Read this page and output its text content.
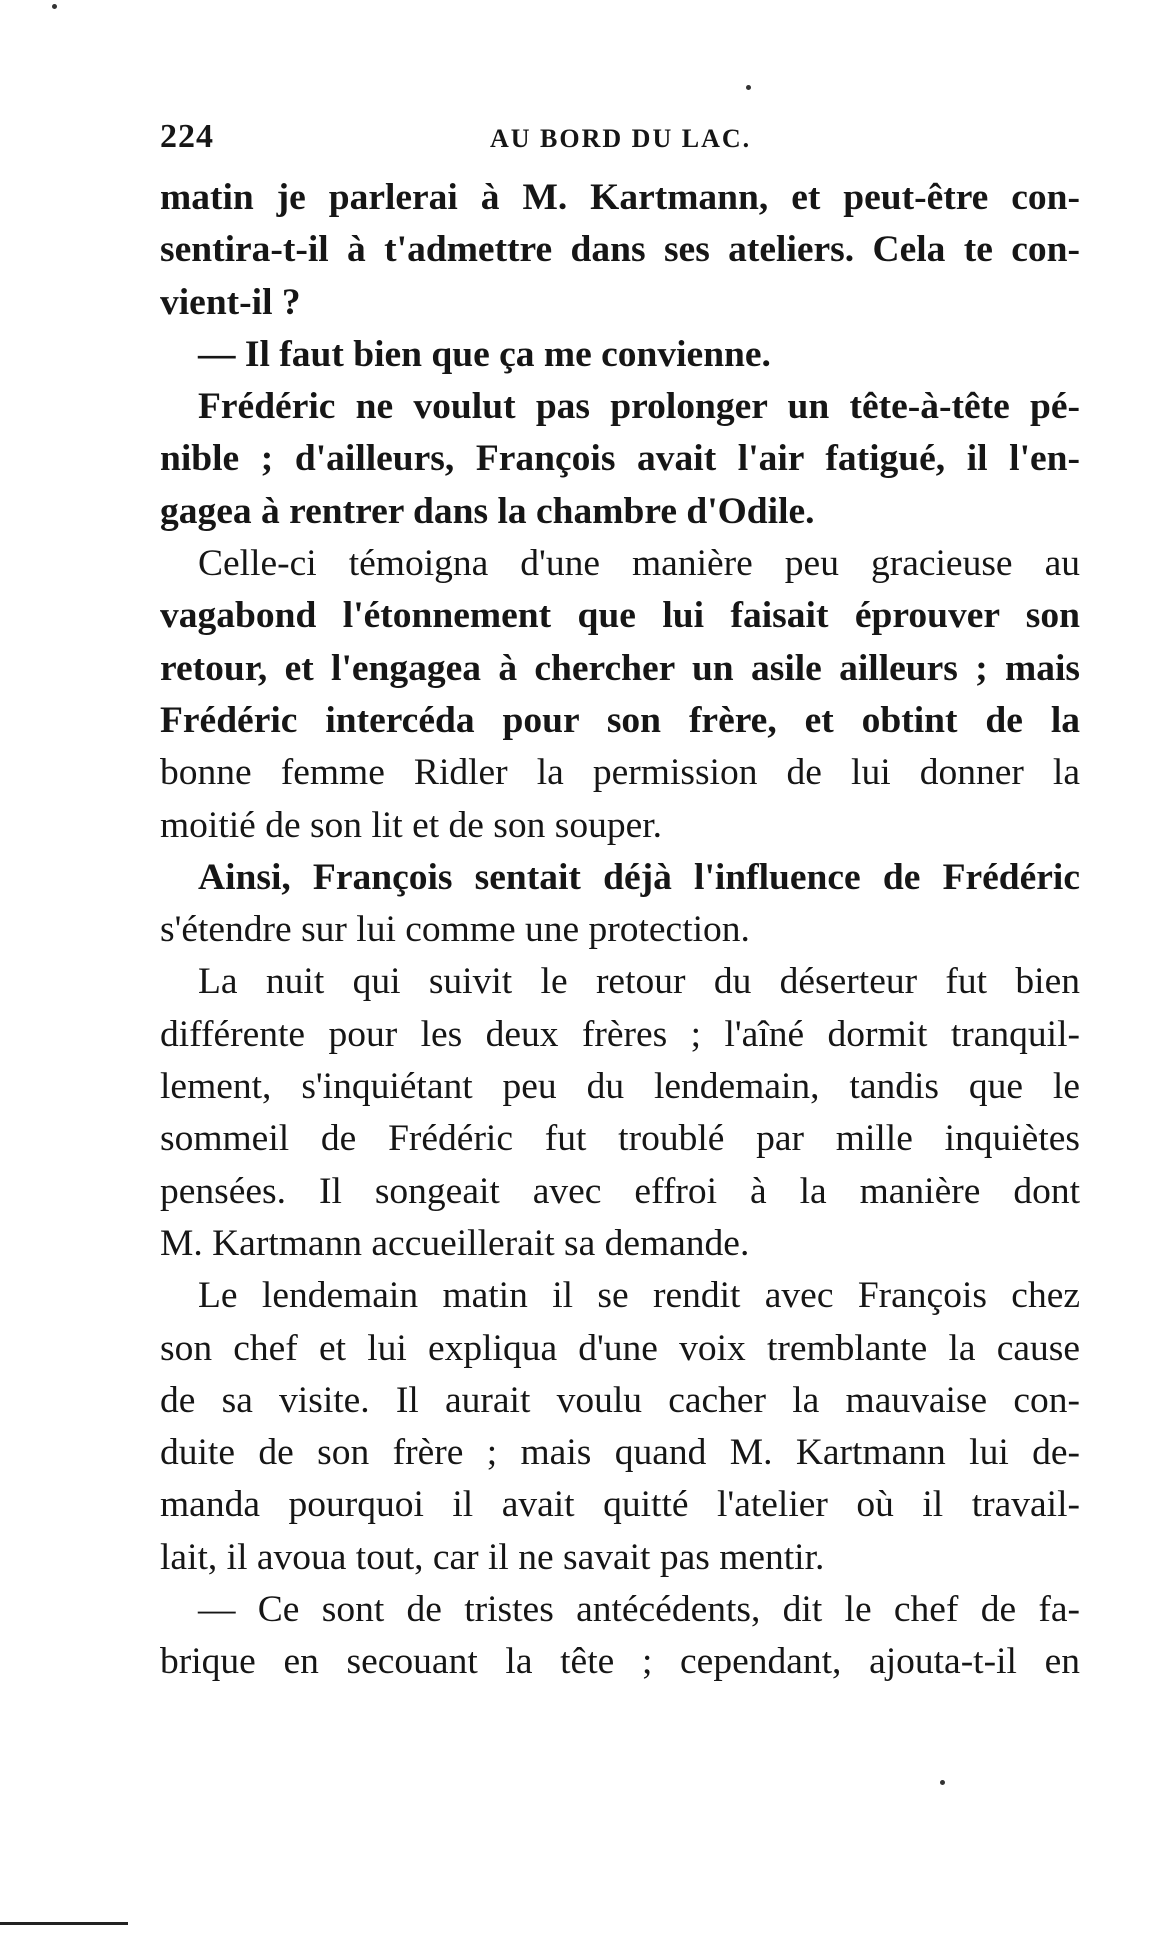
224	AU BORD DU LAC.
matin je parlerai à M. Kartmann, et peut-être con-
sentira-t-il à t'admettre dans ses ateliers. Cela te con-
vient-il ?
— Il faut bien que ça me convienne.
Frédéric ne voulut pas prolonger un tête-à-tête pé-
nible ; d'ailleurs, François avait l'air fatigué, il l'en-
gagea à rentrer dans la chambre d'Odile.
Celle-ci témoigna d'une manière peu gracieuse au
vagabond l'étonnement que lui faisait éprouver son
retour, et l'engagea à chercher un asile ailleurs ; mais
Frédéric intercéda pour son frère, et obtint de la
bonne femme Ridler la permission de lui donner la
moitié de son lit et de son souper.
Ainsi, François sentait déjà l'influence de Frédéric
s'étendre sur lui comme une protection.
La nuit qui suivit le retour du déserteur fut bien
différente pour les deux frères ; l'aîné dormit tranquil-
lement, s'inquiétant peu du lendemain, tandis que le
sommeil de Frédéric fut troublé par mille inquiètes
pensées. Il songeait avec effroi à la manière dont
M. Kartmann accueillerait sa demande.
Le lendemain matin il se rendit avec François chez
son chef et lui expliqua d'une voix tremblante la cause
de sa visite. Il aurait voulu cacher la mauvaise con-
duite de son frère ; mais quand M. Kartmann lui de-
manda pourquoi il avait quitté l'atelier où il travail-
lait, il avoua tout, car il ne savait pas mentir.
— Ce sont de tristes antécédents, dit le chef de fa-
brique en secouant la tête ; cependant, ajouta-t-il en
